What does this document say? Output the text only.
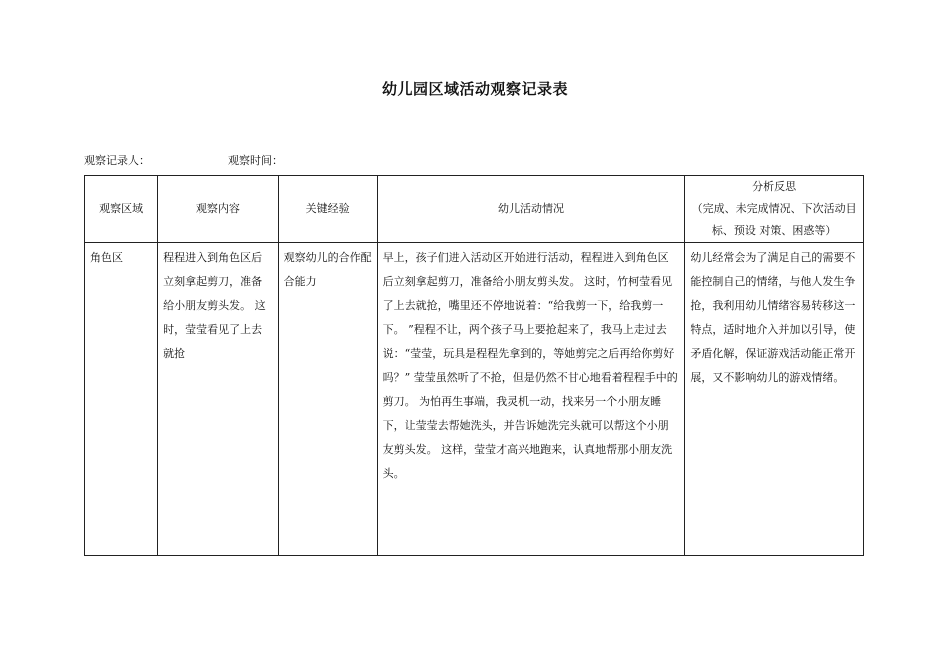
幼儿园区域活动观察记录表
观察记录人：	观察时间：
观察区域	观察内容	关键经验	幼儿活动情况	分析反思
（完成、未完成情况、下次活动目标、预设 对策、困惑等）

角色区	程程进入到角色区后立刻拿起剪刀，准备给小朋友剪头发。 这时，莹莹看见了上去就抢	观察幼儿的合作配合能力	早上，孩子们进入活动区开始进行活动，程程进入到角色区后立刻拿起剪刀，准备给小朋友剪头发。 这时，竹柯莹看见了上去就抢，嘴里还不停地说着：“给我剪一下，给我剪一下。 ”程程不让，两个孩子马上要抢起来了，我马上走过去说：“莹莹，玩具是程程先拿到的，等她剪完之后再给你剪好吗？” 莹莹虽然听了不抢，但是仍然不甘心地看着程程手中的剪刀。 为怕再生事端，我灵机一动，找来另一个小朋友睡下，让莹莹去帮她洗头，并告诉她洗完头就可以帮这个小朋友剪头发。 这样，莹莹才高兴地跑来，认真地帮那小朋友洗头。	幼儿经常会为了满足自己的需要不能控制自己的情绪，与他人发生争抢，我利用幼儿情绪容易转移这一特点，适时地介入并加以引导，使矛盾化解，保证游戏活动能正常开展，又不影响幼儿的游戏情绪。
